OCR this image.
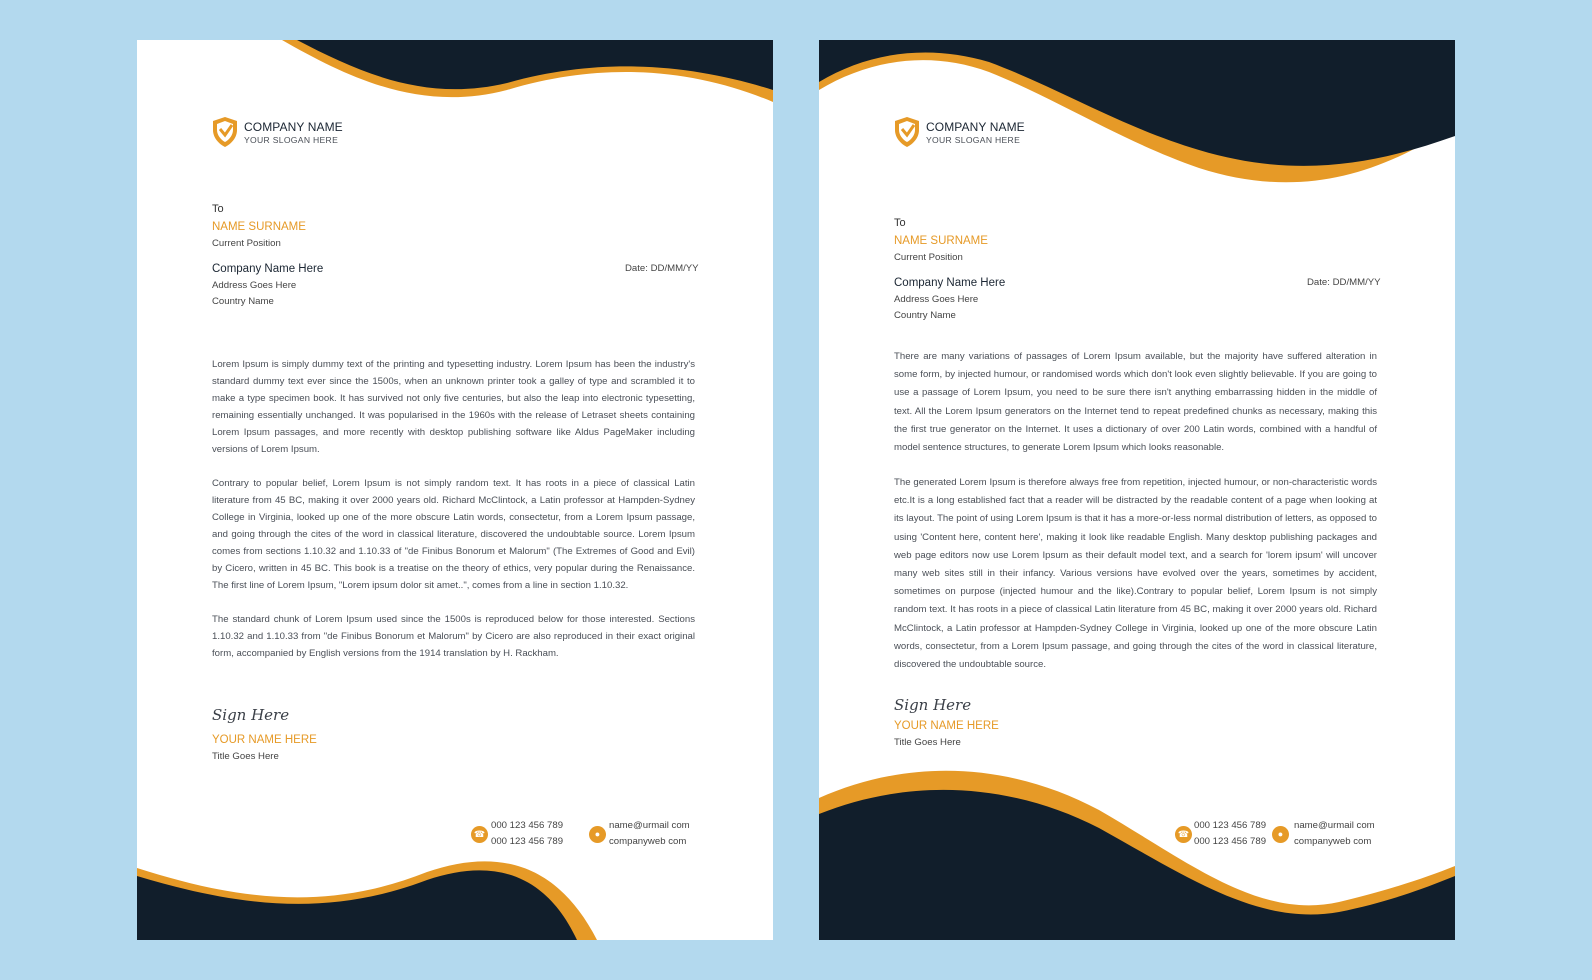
COMPANY NAME
YOUR SLOGAN HERE
To
NAME SURNAME
Current Position
Company Name Here
Address Goes Here
Country Name
Date: DD/MM/YY

Lorem Ipsum is simply dummy text of the printing and typesetting industry. Lorem Ipsum has been the industry's standard dummy text ever since the 1500s, when an unknown printer took a galley of type and scrambled it to make a type specimen book. It has survived not only five centuries, but also the leap into electronic typesetting, remaining essentially unchanged. It was popularised in the 1960s with the release of Letraset sheets containing Lorem Ipsum passages, and more recently with desktop publishing software like Aldus PageMaker including versions of Lorem Ipsum.

Contrary to popular belief, Lorem Ipsum is not simply random text. It has roots in a piece of classical Latin literature from 45 BC, making it over 2000 years old. Richard McClintock, a Latin professor at Hampden-Sydney College in Virginia, looked up one of the more obscure Latin words, consectetur, from a Lorem Ipsum passage, and going through the cites of the word in classical literature, discovered the undoubtable source. Lorem Ipsum comes from sections 1.10.32 and 1.10.33 of "de Finibus Bonorum et Malorum" (The Extremes of Good and Evil) by Cicero, written in 45 BC. This book is a treatise on the theory of ethics, very popular during the Renaissance. The first line of Lorem Ipsum, "Lorem ipsum dolor sit amet..", comes from a line in section 1.10.32.

The standard chunk of Lorem Ipsum used since the 1500s is reproduced below for those interested. Sections 1.10.32 and 1.10.33 from "de Finibus Bonorum et Malorum" by Cicero are also reproduced in their exact original form, accompanied by English versions from the 1914 translation by H. Rackham.

Sign Here
YOUR NAME HERE
Title Goes Here
☎
000 123 456 789
000 123 456 789
●
name@urmail com
companyweb com
COMPANY NAME
YOUR SLOGAN HERE
To
NAME SURNAME
Current Position
Company Name Here
Address Goes Here
Country Name
Date: DD/MM/YY

There are many variations of passages of Lorem Ipsum available, but the majority have suffered alteration in some form, by injected humour, or randomised words which don't look even slightly believable. If you are going to use a passage of Lorem Ipsum, you need to be sure there isn't anything embarrassing hidden in the middle of text. All the Lorem Ipsum generators on the Internet tend to repeat predefined chunks as necessary, making this the first true generator on the Internet. It uses a dictionary of over 200 Latin words, combined with a handful of model sentence structures, to generate Lorem Ipsum which looks reasonable.

The generated Lorem Ipsum is therefore always free from repetition, injected humour, or non-characteristic words etc.It is a long established fact that a reader will be distracted by the readable content of a page when looking at its layout. The point of using Lorem Ipsum is that it has a more-or-less normal distribution of letters, as opposed to using 'Content here, content here', making it look like readable English. Many desktop publishing packages and web page editors now use Lorem Ipsum as their default model text, and a search for 'lorem ipsum' will uncover many web sites still in their infancy. Various versions have evolved over the years, sometimes by accident, sometimes on purpose (injected humour and the like).Contrary to popular belief, Lorem Ipsum is not simply random text. It has roots in a piece of classical Latin literature from 45 BC, making it over 2000 years old. Richard McClintock, a Latin professor at Hampden-Sydney College in Virginia, looked up one of the more obscure Latin words, consectetur, from a Lorem Ipsum passage, and going through the cites of the word in classical literature, discovered the undoubtable source.

Sign Here
YOUR NAME HERE
Title Goes Here
☎
000 123 456 789
000 123 456 789
●
name@urmail com
companyweb com
